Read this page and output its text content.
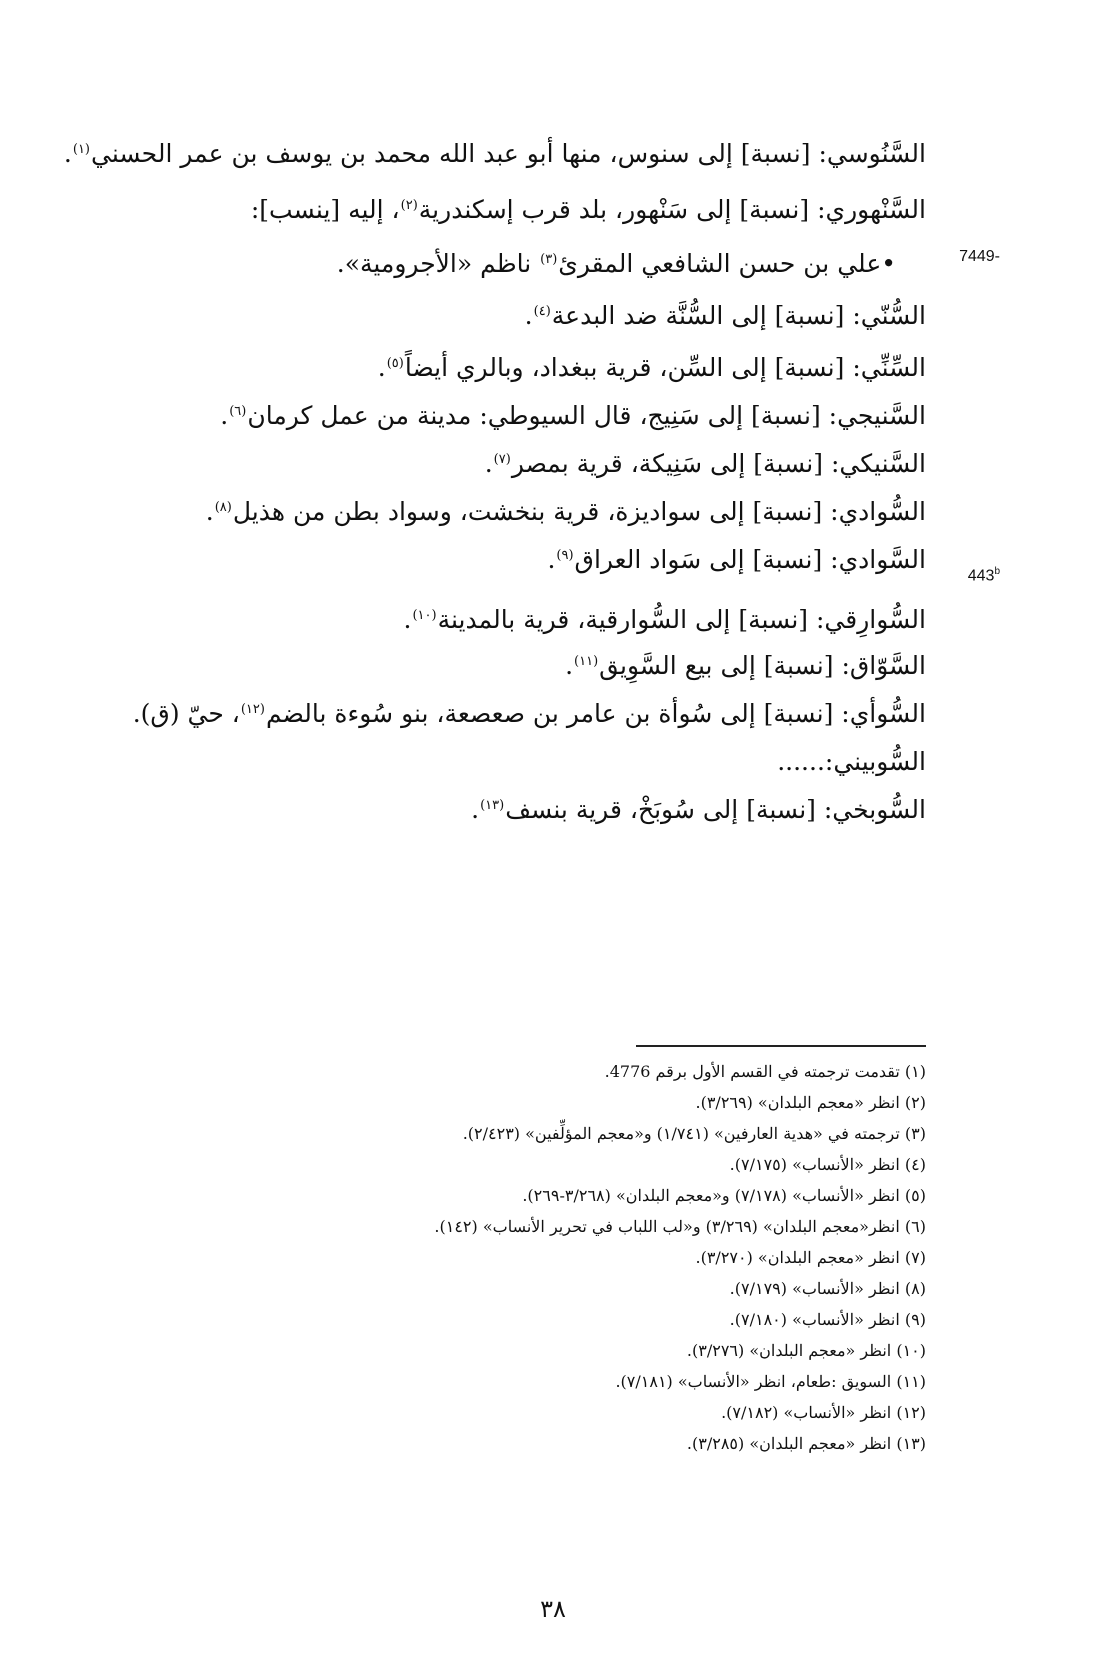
7449-
443$^b$
السَّنُوسي: [نسبة] إلى سنوس، منها أبو عبد الله محمد بن يوسف بن عمر الحسني$^{(١)}$.
السَّنْهوري: [نسبة] إلى سَنْهور، بلد قرب إسكندرية$^{(٢)}$، إليه [ينسب]:
•علي بن حسن الشافعي المقرئ$^{(٣)}$ ناظم «الأجرومية».
السُّنّي: [نسبة] إلى السُّنَّة ضد البدعة$^{(٤)}$.
السِّنِّي: [نسبة] إلى السِّن، قرية ببغداد، وبالري أيضاً$^{(٥)}$.
السَّنيجي: [نسبة] إلى سَنِيج، قال السيوطي: مدينة من عمل كرمان$^{(٦)}$.
السَّنيكي: [نسبة] إلى سَنِيكة، قرية بمصر$^{(٧)}$.
السُّوادي: [نسبة] إلى سواديزة، قرية بنخشت، وسواد بطن من هذيل$^{(٨)}$.
السَّوادي: [نسبة] إلى سَواد العراق$^{(٩)}$.
السُّوارِقي: [نسبة] إلى السُّوارقية، قرية بالمدينة$^{(١٠)}$.
السَّوّاق: [نسبة] إلى بيع السَّوِيق$^{(١١)}$.
السُّوأي: [نسبة] إلى سُوأة بن عامر بن صعصعة، بنو سُوءة بالضم$^{(١٢)}$، حيّ (ق).
السُّوبيني:......
السُّوبخي: [نسبة] إلى سُوبَخْ، قرية بنسف$^{(١٣)}$.
(١) تقدمت ترجمته في القسم الأول برقم 4776.
(٢) انظر «معجم البلدان» (٣/٢٦٩).
(٣) ترجمته في «هدية العارفين» (١/٧٤١) و«معجم المؤلِّفين» (٢/٤٢٣).
(٤) انظر «الأنساب» (٧/١٧٥).
(٥) انظر «الأنساب» (٧/١٧٨) و«معجم البلدان» (٣/٢٦٨-٢٦٩).
(٦) انظر«معجم البلدان» (٣/٢٦٩) و«لب اللباب في تحرير الأنساب» (١٤٢).
(٧) انظر «معجم البلدان» (٣/٢٧٠).
(٨) انظر «الأنساب» (٧/١٧٩).
(٩) انظر «الأنساب» (٧/١٨٠).
(١٠) انظر «معجم البلدان» (٣/٢٧٦).
(١١) السويق :طعام، انظر «الأنساب» (٧/١٨١).
(١٢) انظر «الأنساب» (٧/١٨٢).
(١٣) انظر «معجم البلدان» (٣/٢٨٥).
٣٨
